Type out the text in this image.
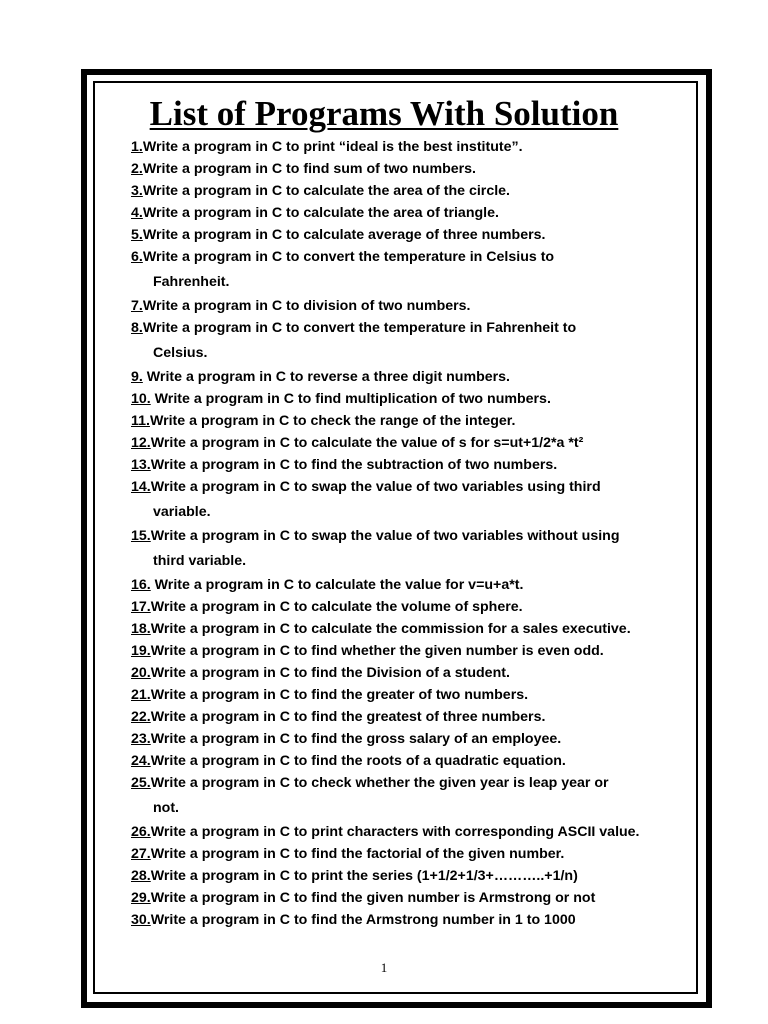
List of Programs With Solution
1.Write a program in C to print “ideal is the best institute”.
2.Write a program in C to find sum of two numbers.
3.Write a program in C to calculate the area of the circle.
4.Write a program in C to calculate the area of triangle.
5.Write a program in C to calculate average of three numbers.
6.Write a program in C to convert the temperature in Celsius to
Fahrenheit.
7.Write a program in C to division of two numbers.
8.Write a program in C to convert the temperature in Fahrenheit to
Celsius.
9. Write a program in C to reverse a three digit numbers.
10. Write a program in C to find multiplication of two numbers.
11.Write a program in C to check the range of the integer.
12.Write a program in C to calculate the value of s for s=ut+1/2*a *t²
13.Write a program in C to find the subtraction of two numbers.
14.Write a program in C to swap the value of two variables using third
variable.
15.Write a program in C to swap the value of two variables without using
third variable.
16. Write a program in C to calculate the value for v=u+a*t.
17.Write a program in C to calculate the volume of sphere.
18.Write a program in C to calculate the commission for a sales executive.
19.Write a program in C to find whether the given number is even odd.
20.Write a program in C to find the Division of a student.
21.Write a program in C to find the greater of two numbers.
22.Write a program in C to find the greatest of three numbers.
23.Write a program in C to find the gross salary of an employee.
24.Write a program in C to find the roots of a quadratic equation.
25.Write a program in C to check whether the given year is leap year or
not.
26.Write a program in C to print characters with corresponding ASCII value.
27.Write a program in C to find the factorial of the given number.
28.Write a program in C to print the series (1+1/2+1/3+………..+1/n)
29.Write a program in C to find the given number is Armstrong or not
30.Write a program in C to find the Armstrong number in 1 to 1000
1
